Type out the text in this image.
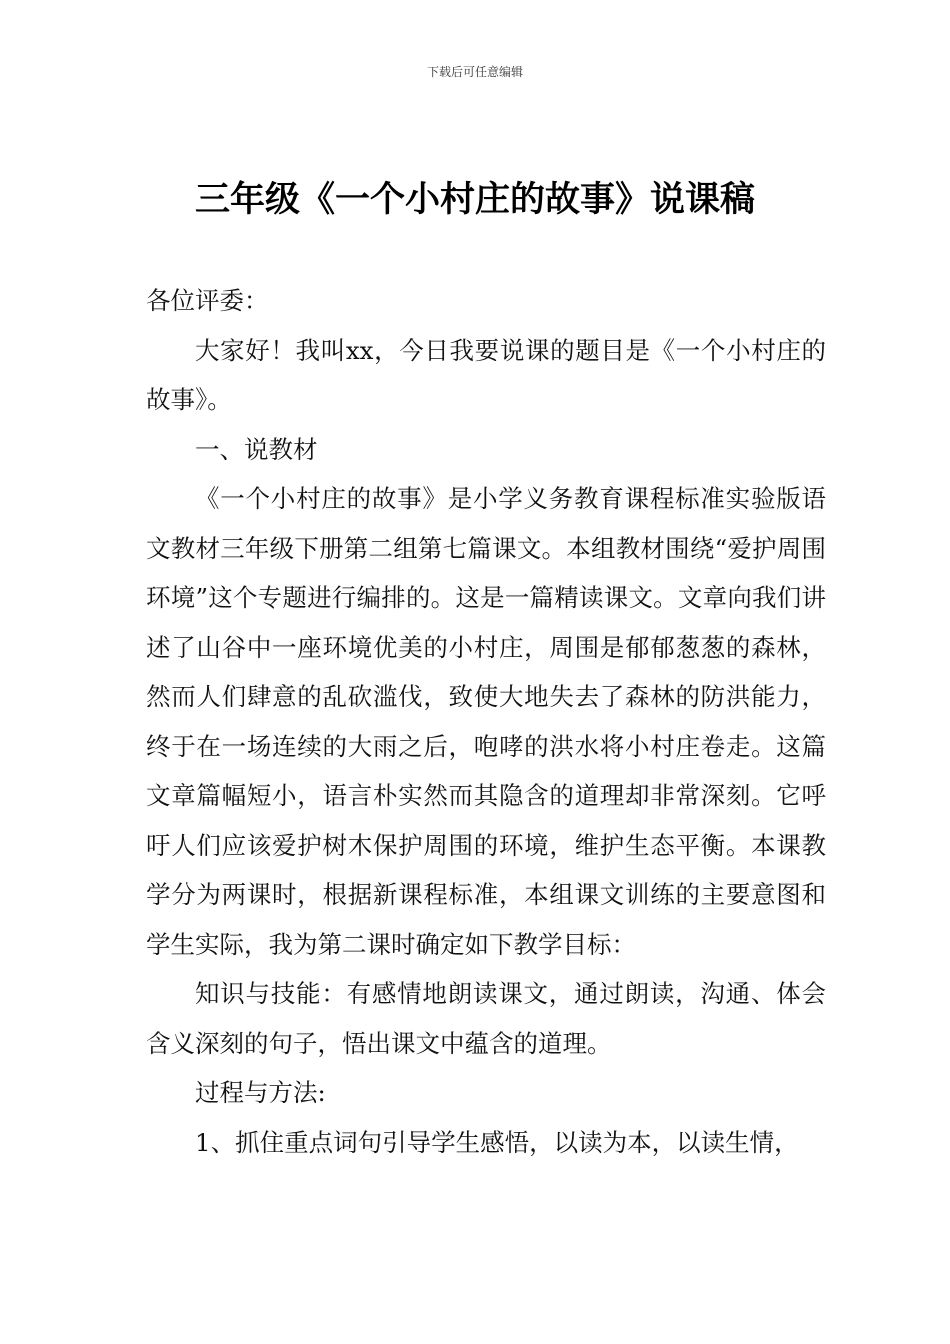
下载后可任意编辑
三年级《一个小村庄的故事》说课稿

各位评委：

大家好！我叫xx，今日我要说课的题目是《一个小村庄的故事》。

一、说教材

《一个小村庄的故事》是小学义务教育课程标准实验版语文教材三年级下册第二组第七篇课文。本组教材围绕“爱护周围环境”这个专题进行编排的。这是一篇精读课文。文章向我们讲述了山谷中一座环境优美的小村庄，周围是郁郁葱葱的森林，然而人们肆意的乱砍滥伐，致使大地失去了森林的防洪能力，终于在一场连续的大雨之后，咆哮的洪水将小村庄卷走。这篇文章篇幅短小，语言朴实然而其隐含的道理却非常深刻。它呼吁人们应该爱护树木保护周围的环境，维护生态平衡。本课教学分为两课时，根据新课程标准，本组课文训练的主要意图和学生实际，我为第二课时确定如下教学目标：

知识与技能：有感情地朗读课文，通过朗读，沟通、体会含义深刻的句子，悟出课文中蕴含的道理。

过程与方法:

1、抓住重点词句引导学生感悟，以读为本，以读生情，
